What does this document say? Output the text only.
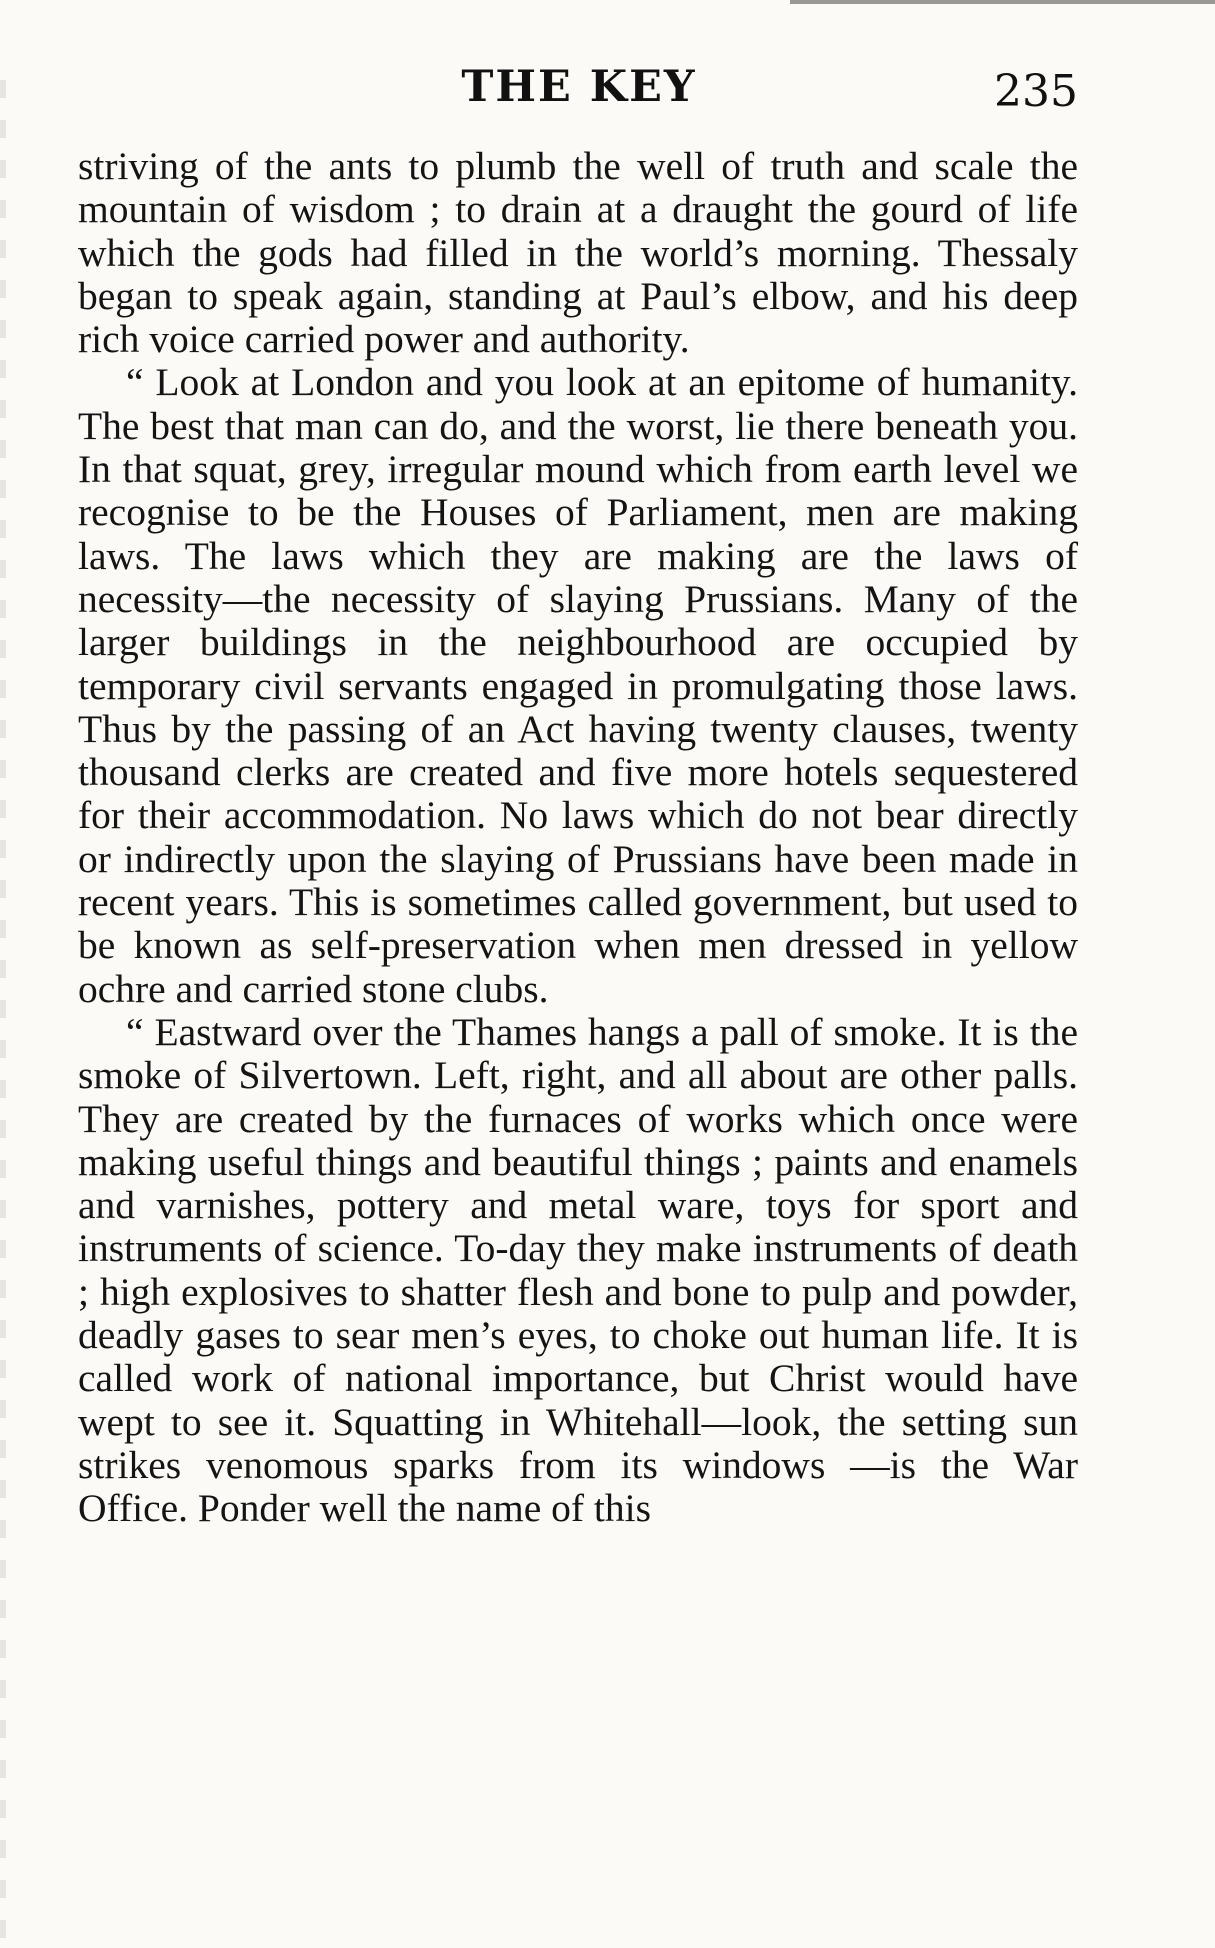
THE KEY	235

striving of the ants to plumb the well of truth and scale the mountain of wisdom ; to drain at a draught the gourd of life which the gods had filled in the world’s morning. Thessaly began to speak again, standing at Paul’s elbow, and his deep rich voice carried power and authority.

“ Look at London and you look at an epitome of humanity. The best that man can do, and the worst, lie there beneath you. In that squat, grey, irregular mound which from earth level we recognise to be the Houses of Parliament, men are making laws. The laws which they are making are the laws of necessity—the necessity of slaying Prussians. Many of the larger buildings in the neighbourhood are occupied by temporary civil servants engaged in promulgating those laws. Thus by the passing of an Act having twenty clauses, twenty thousand clerks are created and five more hotels sequestered for their accommodation. No laws which do not bear directly or indirectly upon the slaying of Prussians have been made in recent years. This is sometimes called government, but used to be known as self-preservation when men dressed in yellow ochre and carried stone clubs.

“ Eastward over the Thames hangs a pall of smoke. It is the smoke of Silvertown. Left, right, and all about are other palls. They are created by the furnaces of works which once were making useful things and beautiful things ; paints and enamels and varnishes, pottery and metal ware, toys for sport and instruments of science. To-day they make instruments of death ; high explosives to shatter flesh and bone to pulp and powder, deadly gases to sear men’s eyes, to choke out human life. It is called work of national importance, but Christ would have wept to see it. Squatting in Whitehall—look, the setting sun strikes venomous sparks from its windows —is the War Office. Ponder well the name of this
